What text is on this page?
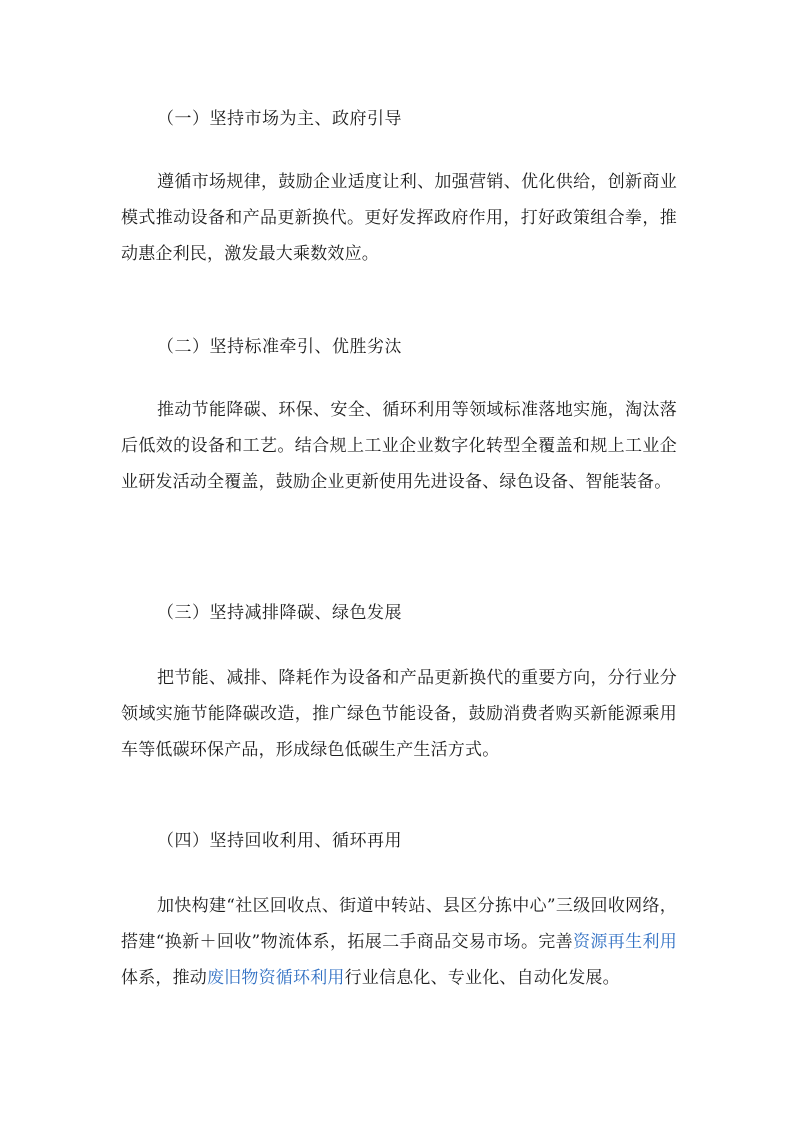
（一）坚持市场为主、政府引导

遵循市场规律，鼓励企业适度让利、加强营销、优化供给，创新商业模式推动设备和产品更新换代。更好发挥政府作用，打好政策组合拳，推动惠企利民，激发最大乘数效应。

（二）坚持标准牵引、优胜劣汰

推动节能降碳、环保、安全、循环利用等领域标准落地实施，淘汰落后低效的设备和工艺。结合规上工业企业数字化转型全覆盖和规上工业企业研发活动全覆盖，鼓励企业更新使用先进设备、绿色设备、智能装备。

（三）坚持减排降碳、绿色发展

把节能、减排、降耗作为设备和产品更新换代的重要方向，分行业分领域实施节能降碳改造，推广绿色节能设备，鼓励消费者购买新能源乘用车等低碳环保产品，形成绿色低碳生产生活方式。

（四）坚持回收利用、循环再用

加快构建“社区回收点、街道中转站、县区分拣中心”三级回收网络，搭建“换新＋回收”物流体系，拓展二手商品交易市场。完善资源再生利用体系，推动废旧物资循环利用行业信息化、专业化、自动化发展。
